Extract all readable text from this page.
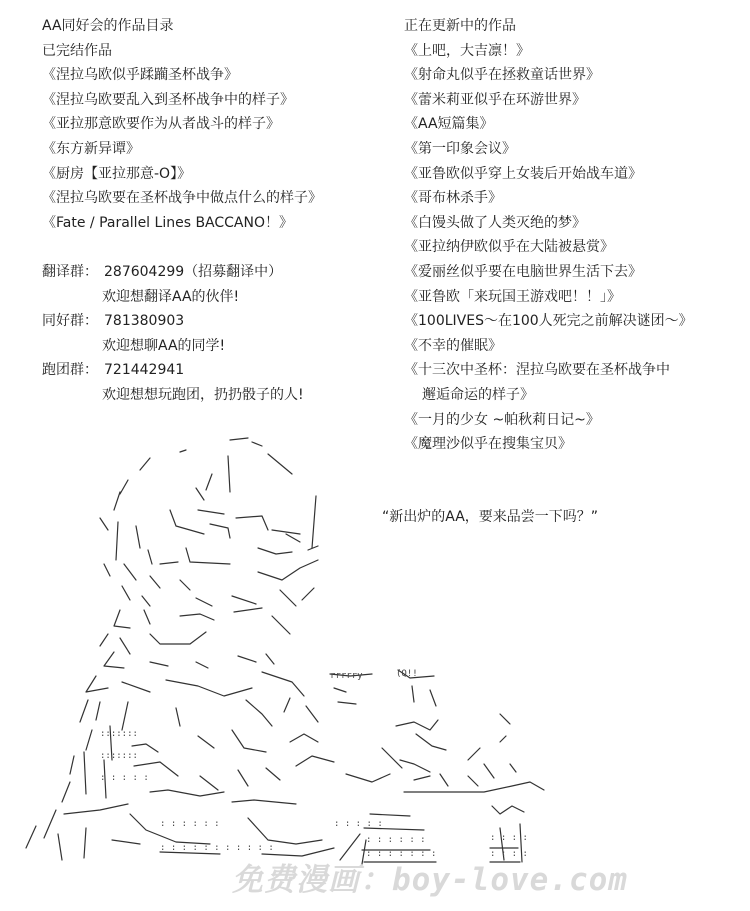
AA同好会的作品目录
已完结作品
《涅拉乌欧似乎蹂躏圣杯战争》
《涅拉乌欧要乱入到圣杯战争中的样子》
《亚拉那意欧要作为从者战斗的样子》
《东方新异谭》
《厨房【亚拉那意-O】》
《涅拉乌欧要在圣杯战争中做点什么的样子》
《Fate / Parallel Lines BACCANO！》
翻译群： 287604299（招募翻译中）
欢迎想翻译AA的伙伴!
同好群： 781380903
欢迎想聊AA的同学!
跑团群： 721442941
欢迎想想玩跑团，扔扔骰子的人!
正在更新中的作品
《上吧，大吉凛！》
《射命丸似乎在拯救童话世界》
《蕾米莉亚似乎在环游世界》
《AA短篇集》
《第一印象会议》
《亚鲁欧似乎穿上女装后开始战车道》
《哥布林杀手》
《白馒头做了人类灭绝的梦》
《亚拉纳伊欧似乎在大陆被悬赏》
《爱丽丝似乎要在电脑世界生活下去》
《亚鲁欧「来玩国王游戏吧！！」》
《100LIVES～在100人死完之前解决谜团～》
《不幸的催眠》
《十三次中圣杯：涅拉乌欧要在圣杯战争中
邂逅命运的样子》
《一月的少女 ~帕秋莉日记~》
《魔理沙似乎在搜集宝贝》
“新出炉的AA，要来品尝一下吗？”
:::::::
:::::::
: : : : :
: : : : : :
: : : : : : : : : : :
: : : : :
: : : : : :
: : : : : : :
: : : :
: : : :
rrrrry	(Q!!
免费漫画：boy-love.com
